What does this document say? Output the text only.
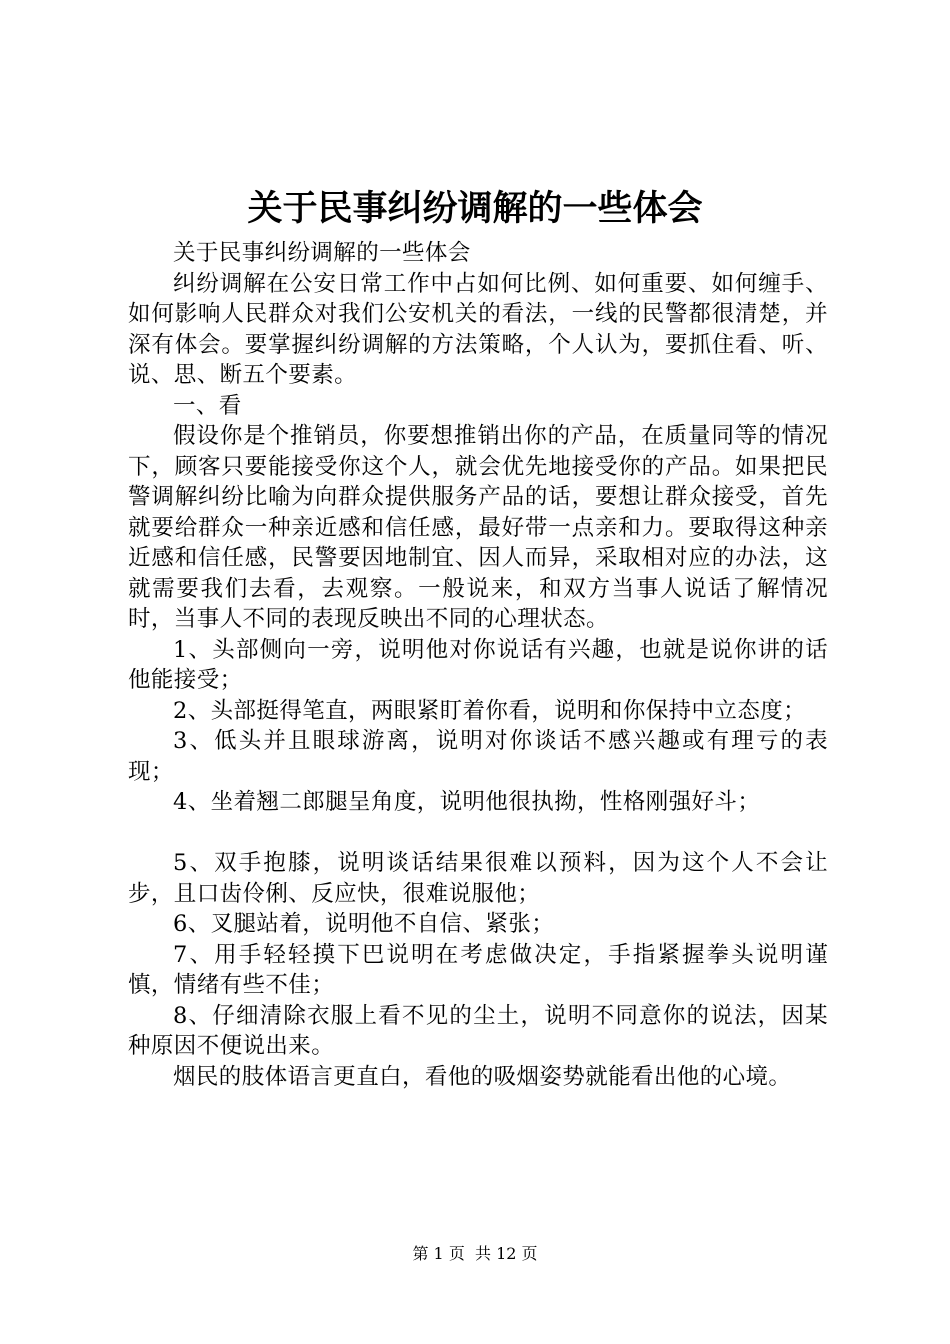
关于民事纠纷调解的一些体会

关于民事纠纷调解的一些体会

纠纷调解在公安日常工作中占如何比例、如何重要、如何缠手、如何影响人民群众对我们公安机关的看法，一线的民警都很清楚，并深有体会。要掌握纠纷调解的方法策略，个人认为，要抓住看、听、说、思、断五个要素。

一、看

假设你是个推销员，你要想推销出你的产品，在质量同等的情况下，顾客只要能接受你这个人，就会优先地接受你的产品。如果把民警调解纠纷比喻为向群众提供服务产品的话，要想让群众接受，首先就要给群众一种亲近感和信任感，最好带一点亲和力。要取得这种亲近感和信任感，民警要因地制宜、因人而异，采取相对应的办法，这就需要我们去看，去观察。一般说来，和双方当事人说话了解情况时，当事人不同的表现反映出不同的心理状态。

1、头部侧向一旁，说明他对你说话有兴趣，也就是说你讲的话他能接受；

2、头部挺得笔直，两眼紧盯着你看，说明和你保持中立态度；

3、低头并且眼球游离，说明对你谈话不感兴趣或有理亏的表现；

4、坐着翘二郎腿呈角度，说明他很执拗，性格刚强好斗；

5、双手抱膝，说明谈话结果很难以预料，因为这个人不会让步，且口齿伶俐、反应快，很难说服他；

6、叉腿站着，说明他不自信、紧张；

7、用手轻轻摸下巴说明在考虑做决定，手指紧握拳头说明谨慎，情绪有些不佳；

8、仔细清除衣服上看不见的尘土，说明不同意你的说法，因某种原因不便说出来。

烟民的肢体语言更直白，看他的吸烟姿势就能看出他的心境。

第 1 页  共 12 页
